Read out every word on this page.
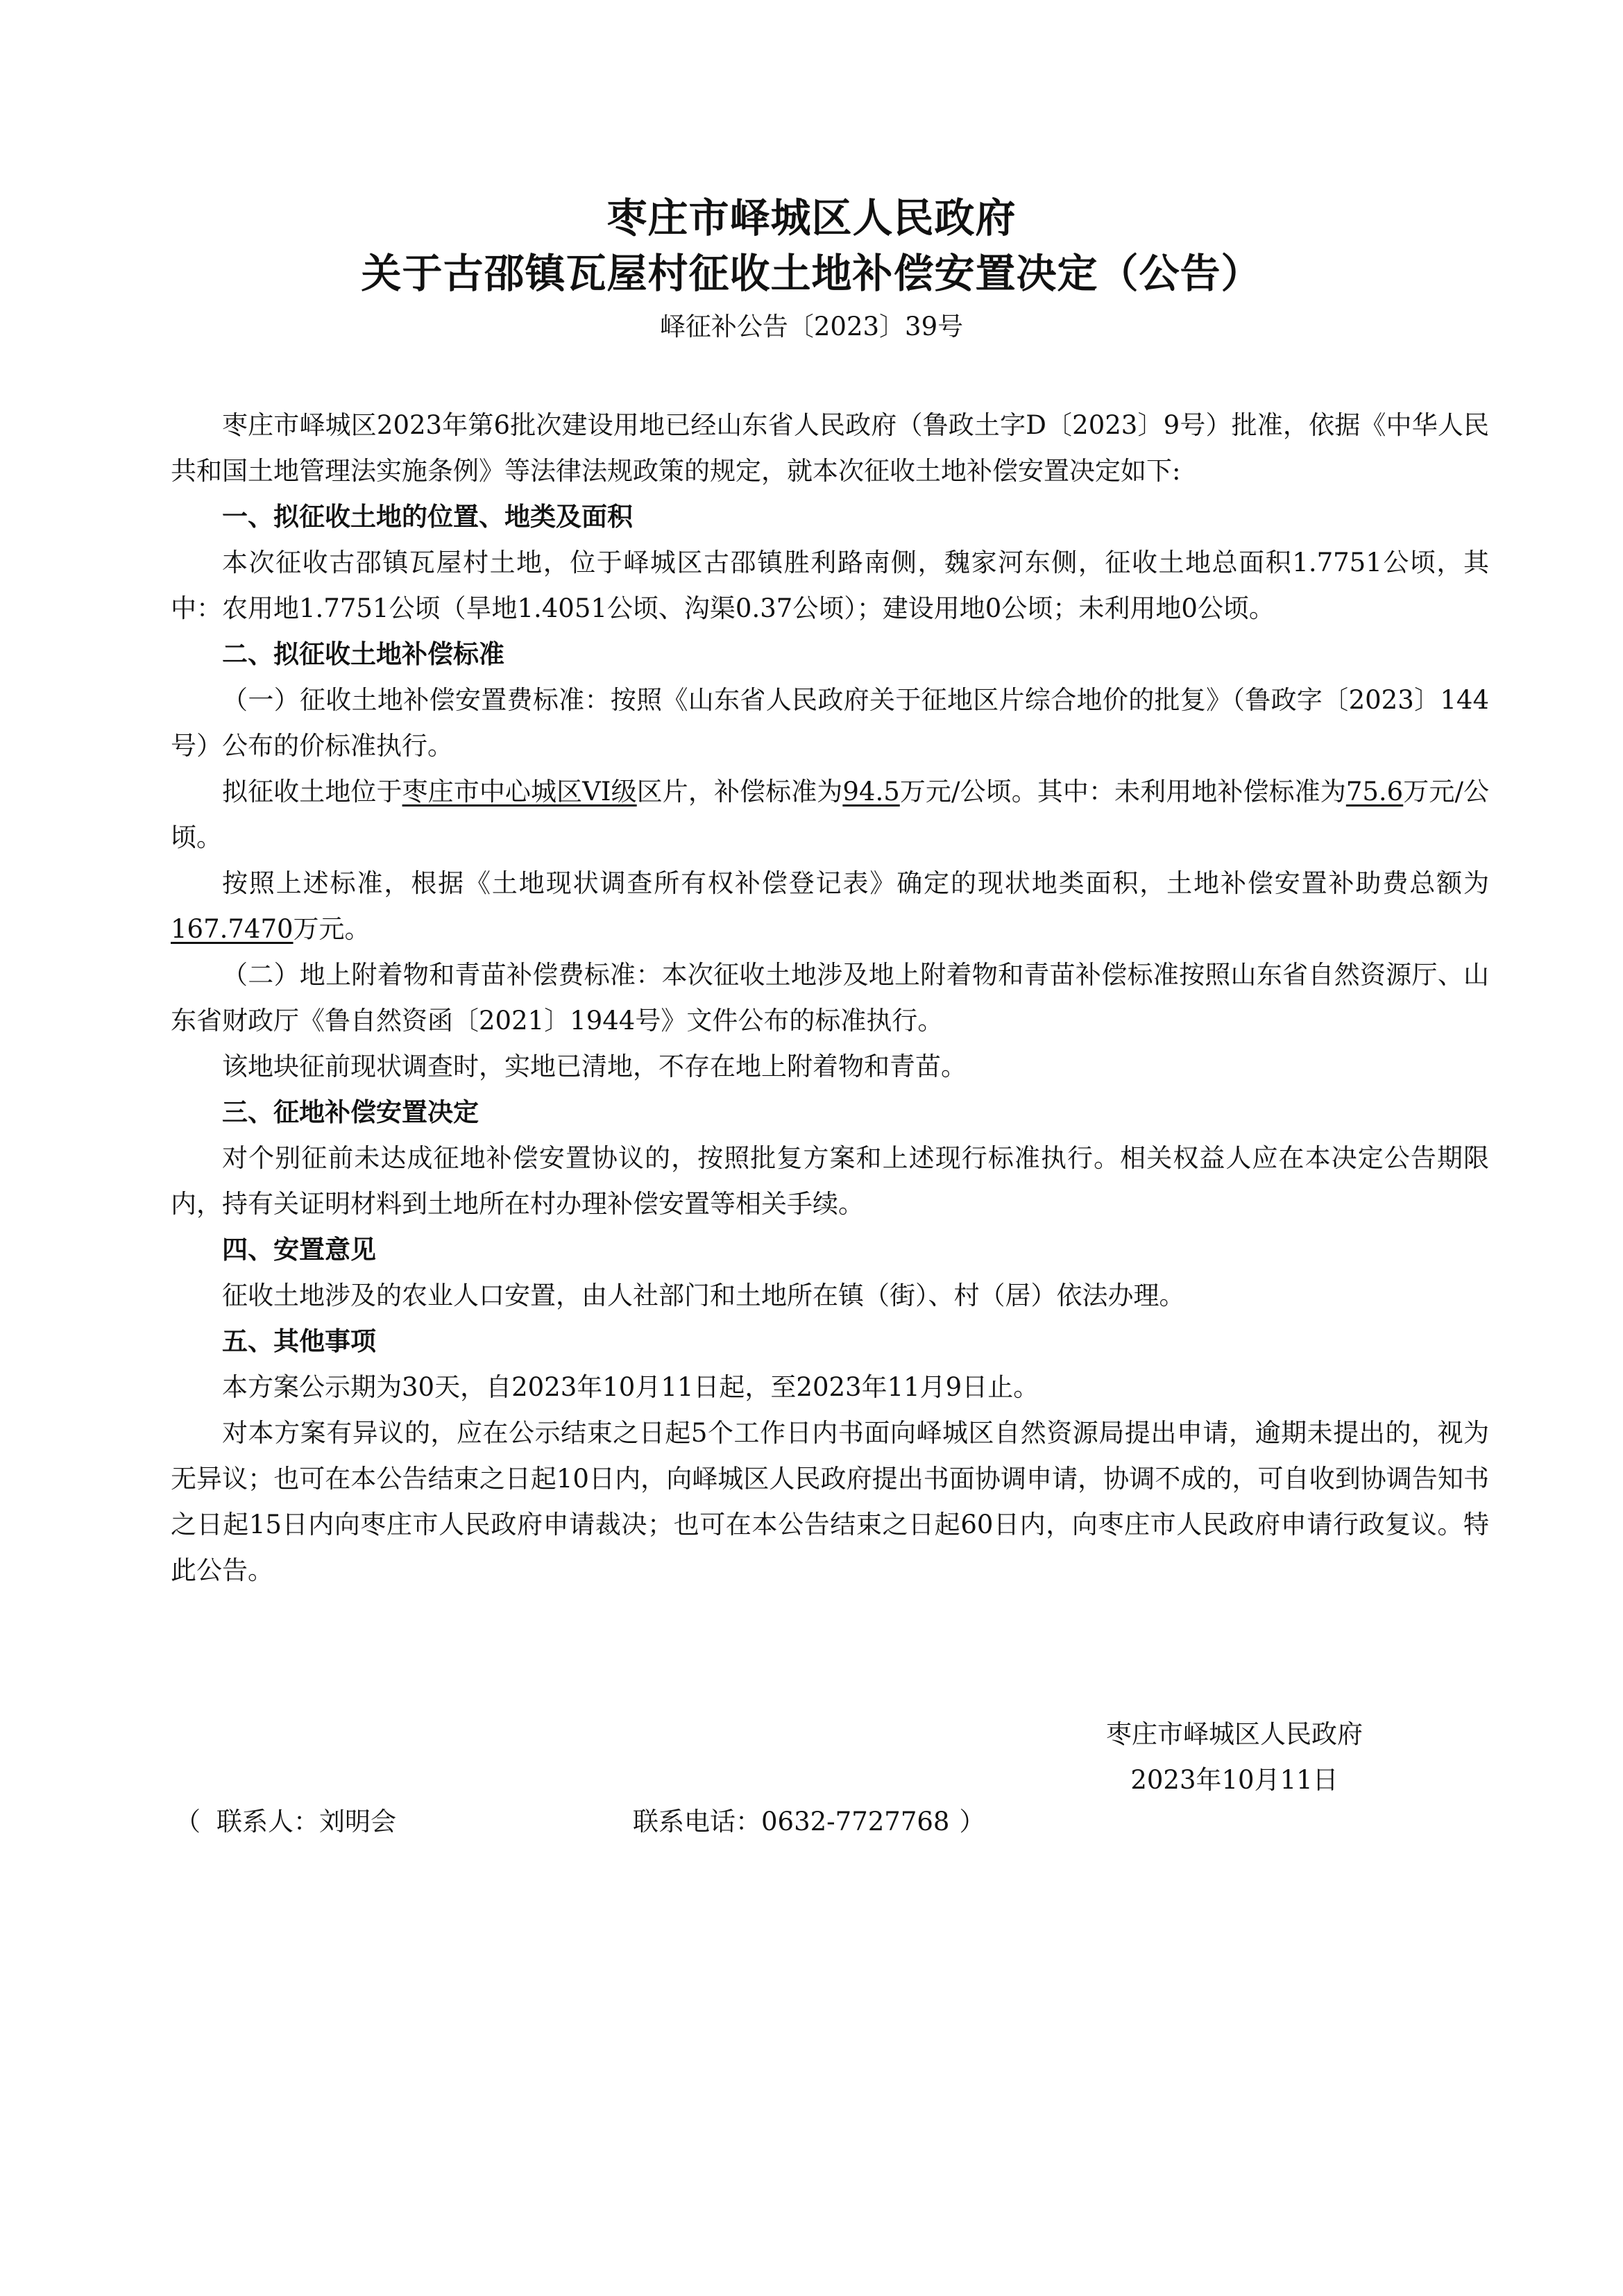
枣庄市峄城区人民政府
关于古邵镇瓦屋村征收土地补偿安置决定（公告）
峄征补公告〔2023〕39号

枣庄市峄城区2023年第6批次建设用地已经山东省人民政府（鲁政土字D〔2023〕9号）批准，依据《中华人民共和国土地管理法实施条例》等法律法规政策的规定，就本次征收土地补偿安置决定如下:

一、拟征收土地的位置、地类及面积

本次征收古邵镇瓦屋村土地，位于峄城区古邵镇胜利路南侧，魏家河东侧，征收土地总面积1.7751公顷，其中：农用地1.7751公顷（旱地1.4051公顷、沟渠0.37公顷）；建设用地0公顷；未利用地0公顷。

二、拟征收土地补偿标准

（一）征收土地补偿安置费标准：按照《山东省人民政府关于征地区片综合地价的批复》（鲁政字〔2023〕144号）公布的价标准执行。

拟征收土地位于枣庄市中心城区VI级区片，补偿标准为94.5万元/公顷。其中：未利用地补偿标准为75.6万元/公顷。

按照上述标准，根据《土地现状调查所有权补偿登记表》确定的现状地类面积，土地补偿安置补助费总额为167.7470万元。

（二）地上附着物和青苗补偿费标准：本次征收土地涉及地上附着物和青苗补偿标准按照山东省自然资源厅、山东省财政厅《鲁自然资函〔2021〕1944号》文件公布的标准执行。

该地块征前现状调查时，实地已清地，不存在地上附着物和青苗。

三、征地补偿安置决定

对个别征前未达成征地补偿安置协议的，按照批复方案和上述现行标准执行。相关权益人应在本决定公告期限内，持有关证明材料到土地所在村办理补偿安置等相关手续。

四、安置意见

征收土地涉及的农业人口安置，由人社部门和土地所在镇（街）、村（居）依法办理。

五、其他事项

本方案公示期为30天，自2023年10月11日起，至2023年11月9日止。

对本方案有异议的，应在公示结束之日起5个工作日内书面向峄城区自然资源局提出申请，逾期未提出的，视为无异议；也可在本公告结束之日起10日内，向峄城区人民政府提出书面协调申请，协调不成的，可自收到协调告知书之日起15日内向枣庄市人民政府申请裁决；也可在本公告结束之日起60日内，向枣庄市人民政府申请行政复议。特此公告。

枣庄市峄城区人民政府
2023年10月11日
（ 联系人：刘明会	联系电话：0632-7727768 ）
